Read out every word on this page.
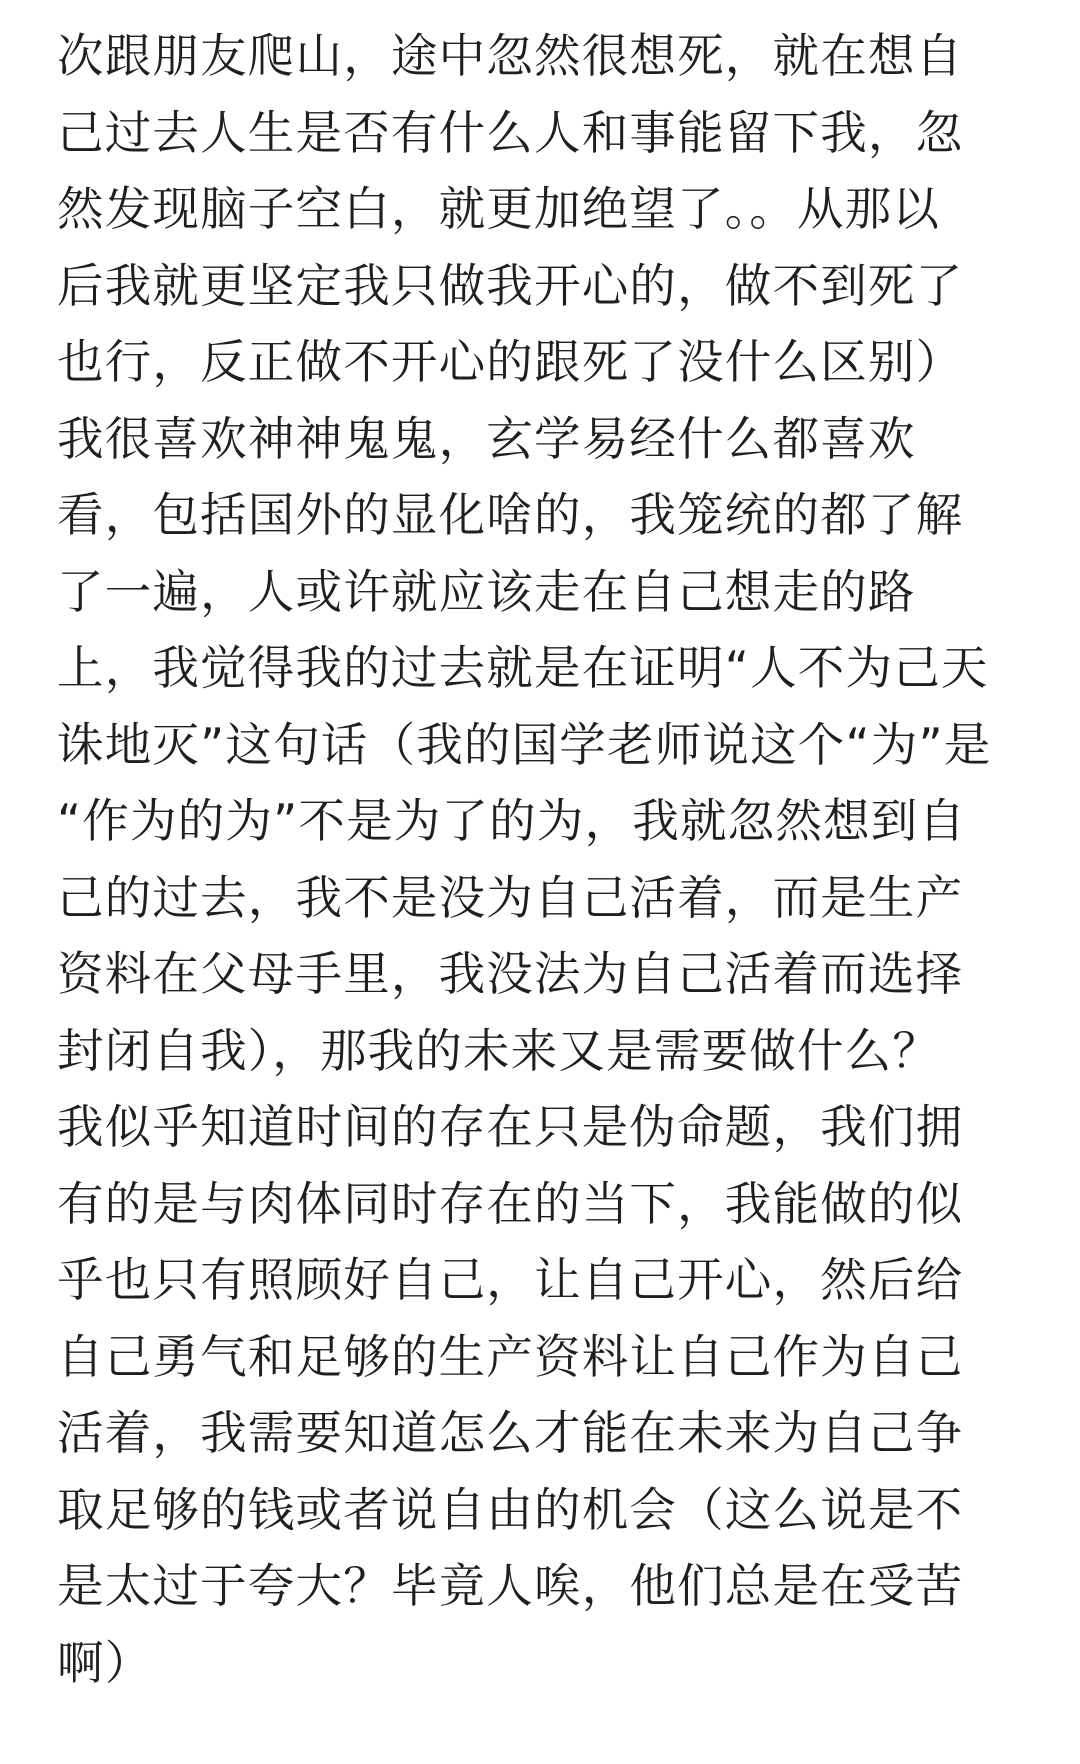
次跟朋友爬山，途中忽然很想死，就在想自
己过去人生是否有什么人和事能留下我，忽
然发现脑子空白，就更加绝望了。。从那以
后我就更坚定我只做我开心的，做不到死了
也行，反正做不开心的跟死了没什么区别）
我很喜欢神神鬼鬼，玄学易经什么都喜欢
看，包括国外的显化啥的，我笼统的都了解
了一遍，人或许就应该走在自己想走的路
上，我觉得我的过去就是在证明“人不为己天
诛地灭”这句话（我的国学老师说这个“为”是
“作为的为”不是为了的为，我就忽然想到自
己的过去，我不是没为自己活着，而是生产
资料在父母手里，我没法为自己活着而选择
封闭自我），那我的未来又是需要做什么？
我似乎知道时间的存在只是伪命题，我们拥
有的是与肉体同时存在的当下，我能做的似
乎也只有照顾好自己，让自己开心，然后给
自己勇气和足够的生产资料让自己作为自己
活着，我需要知道怎么才能在未来为自己争
取足够的钱或者说自由的机会（这么说是不
是太过于夸大？毕竟人唉，他们总是在受苦
啊）
